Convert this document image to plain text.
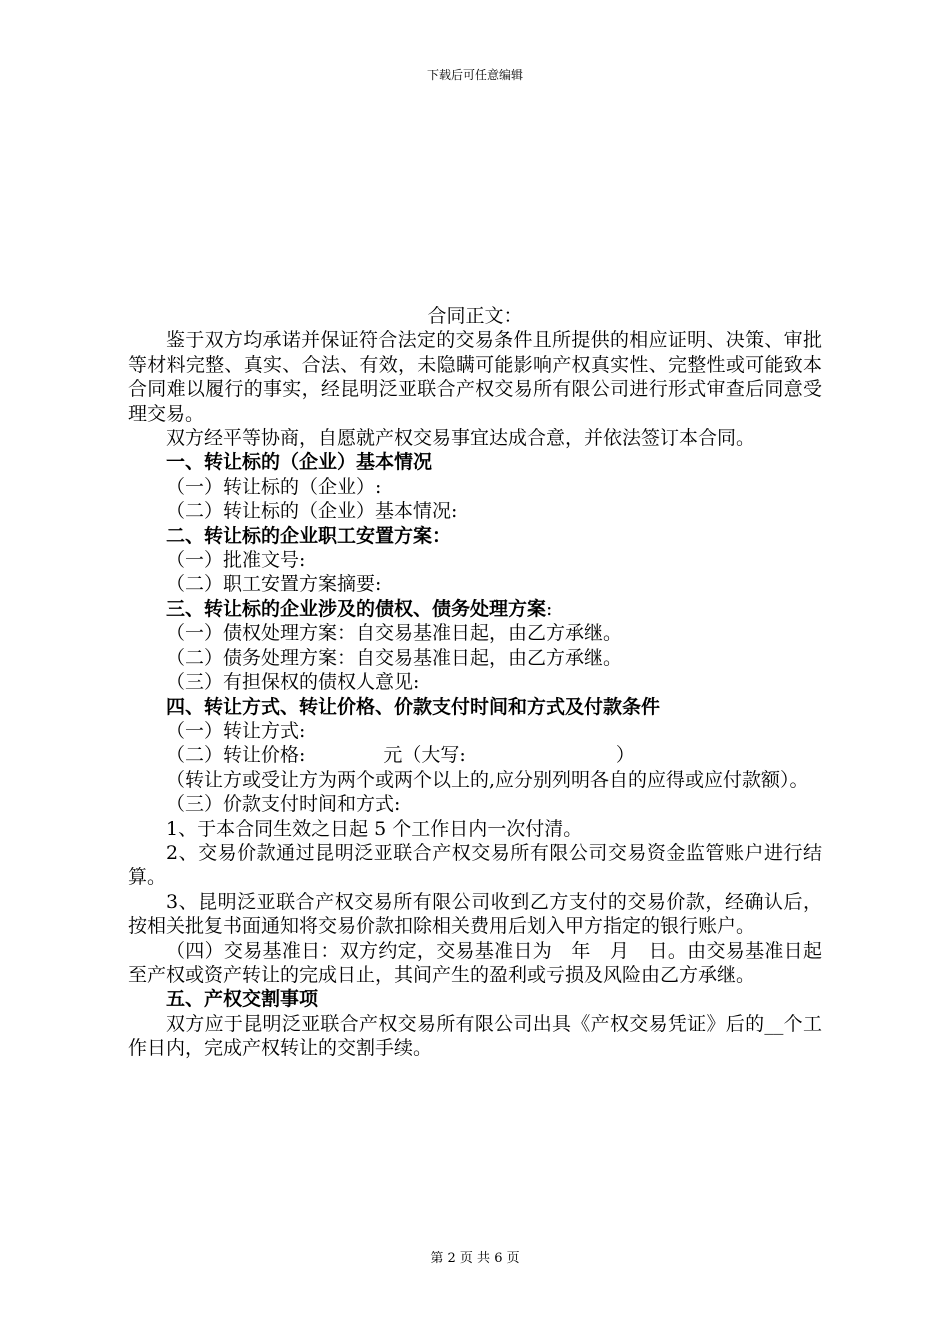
下载后可任意编辑

合同正文：

鉴于双方均承诺并保证符合法定的交易条件且所提供的相应证明、决策、审批等材料完整、真实、合法、有效，未隐瞒可能影响产权真实性、完整性或可能致本合同难以履行的事实，经昆明泛亚联合产权交易所有限公司进行形式审查后同意受理交易。

双方经平等协商，自愿就产权交易事宜达成合意，并依法签订本合同。

一、转让标的（企业）基本情况

（一）转让标的（企业）:

（二）转让标的（企业）基本情况:

二、转让标的企业职工安置方案：

（一）批准文号:

（二）职工安置方案摘要:

三、转让标的企业涉及的债权、债务处理方案:

（一）债权处理方案：自交易基准日起，由乙方承继。

（二）债务处理方案：自交易基准日起，由乙方承继。

（三）有担保权的债权人意见:

四、转让方式、转让价格、价款支付时间和方式及付款条件

（一）转让方式:

（二）转让价格:	元（大写:	）

（转让方或受让方为两个或两个以上的,应分别列明各自的应得或应付款额）。

（三）价款支付时间和方式:

1、于本合同生效之日起 5 个工作日内一次付清。

2、交易价款通过昆明泛亚联合产权交易所有限公司交易资金监管账户进行结算。

3、昆明泛亚联合产权交易所有限公司收到乙方支付的交易价款，经确认后，按相关批复书面通知将交易价款扣除相关费用后划入甲方指定的银行账户。

（四）交易基准日：双方约定，交易基准日为　年　月　日。由交易基准日起至产权或资产转让的完成日止，其间产生的盈利或亏损及风险由乙方承继。

五、产权交割事项

双方应于昆明泛亚联合产权交易所有限公司出具《产权交易凭证》后的__个工作日内，完成产权转让的交割手续。

第 2 页 共 6 页
